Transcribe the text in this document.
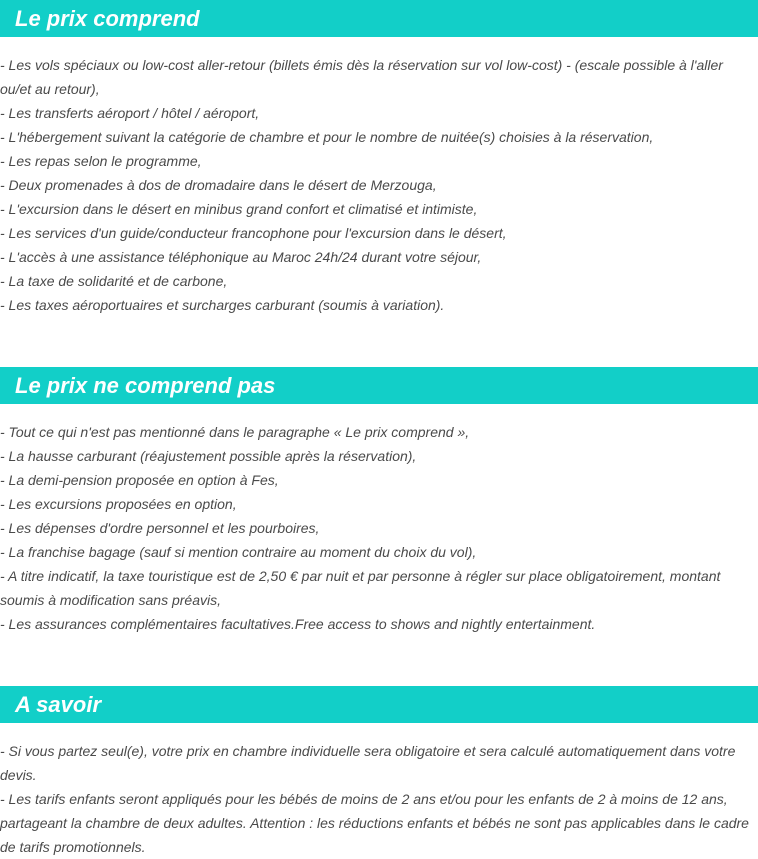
Le prix comprend

- Les vols spéciaux ou low-cost aller-retour (billets émis dès la réservation sur vol low-cost) - (escale possible à l'aller ou/et au retour),

- Les transferts aéroport / hôtel / aéroport,

- L'hébergement suivant la catégorie de chambre et pour le nombre de nuitée(s) choisies à la réservation,

- Les repas selon le programme,

- Deux promenades à dos de dromadaire dans le désert de Merzouga,

- L'excursion dans le désert en minibus grand confort et climatisé et intimiste,

- Les services d'un guide/conducteur francophone pour l'excursion dans le désert,

- L'accès à une assistance téléphonique au Maroc 24h/24 durant votre séjour,

- La taxe de solidarité et de carbone,

- Les taxes aéroportuaires et surcharges carburant (soumis à variation).

Le prix ne comprend pas

- Tout ce qui n'est pas mentionné dans le paragraphe « Le prix comprend »,

- La hausse carburant (réajustement possible après la réservation),

- La demi-pension proposée en option à Fes,

- Les excursions proposées en option,

- Les dépenses d'ordre personnel et les pourboires,

- La franchise bagage (sauf si mention contraire au moment du choix du vol),

- A titre indicatif, la taxe touristique est de 2,50 € par nuit et par personne à régler sur place obligatoirement, montant soumis à modification sans préavis,

- Les assurances complémentaires facultatives.Free access to shows and nightly entertainment.

A savoir

- Si vous partez seul(e), votre prix en chambre individuelle sera obligatoire et sera calculé automatiquement dans votre devis.

- Les tarifs enfants seront appliqués pour les bébés de moins de 2 ans et/ou pour les enfants de 2 à moins de 12 ans, partageant la chambre de deux adultes. Attention : les réductions enfants et bébés ne sont pas applicables dans le cadre de tarifs promotionnels.
